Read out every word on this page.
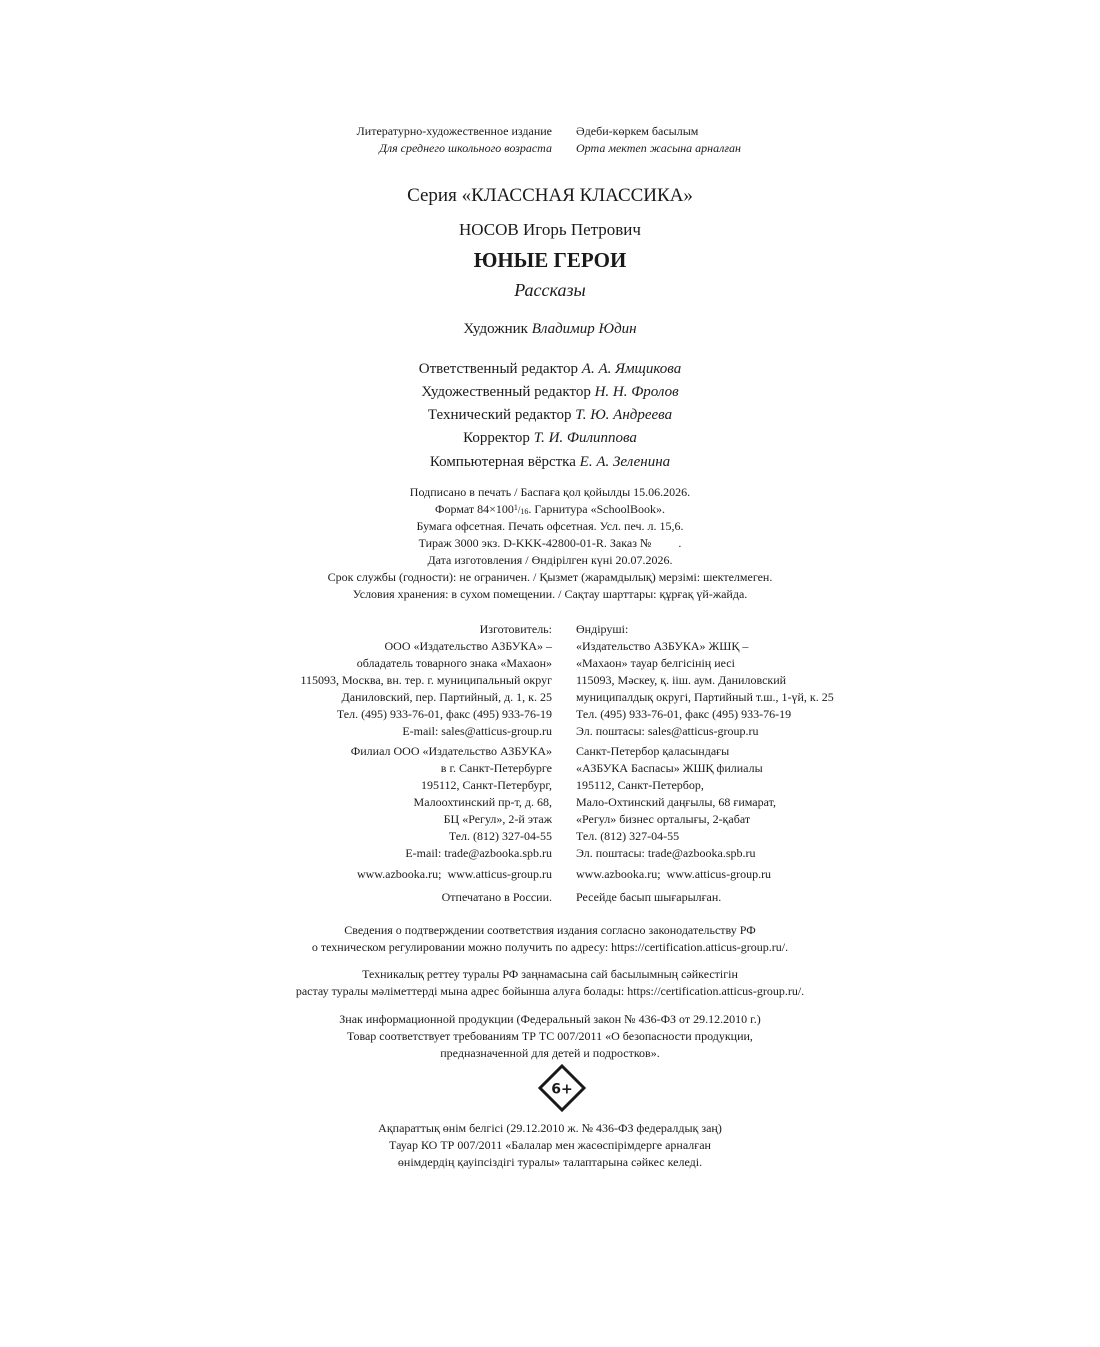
Литературно-художественное издание
Для среднего школьного возраста
Әдеби-көркем басылым
Орта мектеп жасына арналған
Серия «КЛАССНАЯ КЛАССИКА»
НОСОВ Игорь Петрович
ЮНЫЕ ГЕРОИ
Рассказы
Художник Владимир Юдин
Ответственный редактор А. А. Ямщикова
Художественный редактор Н. Н. Фролов
Технический редактор Т. Ю. Андреева
Корректор Т. И. Филиппова
Компьютерная вёрстка Е. А. Зеленина
Подписано в печать / Баспаға қол қойылды 15.06.2026.
Формат $84\times 100^1/16$. Гарнитура «SchoolBook».
Бумага офсетная. Печать офсетная. Усл. печ. л. 15,6.
Тираж 3000 экз. D-KKK-42800-01-R. Заказ №         .
Дата изготовления / Өндірілген күні 20.07.2026.
Срок службы (годности): не ограничен. / Қызмет (жарамдылық) мерзімі: шектелмеген.
Условия хранения: в сухом помещении. / Сақтау шарттары: құрғақ үй-жайда.
Изготовитель:
ООО «Издательство АЗБУКА» –
обладатель товарного знака «Махаон»
115093, Москва, вн. тер. г. муниципальный округ
Даниловский, пер. Партийный, д. 1, к. 25
Тел. (495) 933-76-01, факс (495) 933-76-19
E-mail: sales@atticus-group.ru
Өндіруші:
«Издательство АЗБУКА» ЖШҚ –
«Махаон» тауар белгісінің иесі
115093, Мәскеу, қ. ііш. аум. Даниловский
муниципалдық округі, Партийный т.ш., 1-үй, к. 25
Тел. (495) 933-76-01, факс (495) 933-76-19
Эл. поштасы: sales@atticus-group.ru
Филиал ООО «Издательство АЗБУКА»
в г. Санкт-Петербурге
195112, Санкт-Петербург,
Малоохтинский пр-т, д. 68,
БЦ «Регул», 2-й этаж
Тел. (812) 327-04-55
E-mail: trade@azbooka.spb.ru
Санкт-Петербор қаласындағы
«АЗБУКА Баспасы» ЖШҚ филиалы
195112, Санкт-Петербор,
Мало-Охтинский даңғылы, 68 ғимарат,
«Регул» бизнес орталығы, 2-қабат
Тел. (812) 327-04-55
Эл. поштасы: trade@azbooka.spb.ru
www.azbooka.ru;  www.atticus-group.ru www.azbooka.ru;  www.atticus-group.ru
Отпечатано в России. Ресейде басып шығарылған.
Сведения о подтверждении соответствия издания согласно законодательству РФ
о техническом регулировании можно получить по адресу: https://certification.atticus-group.ru/.
Техникалық реттеу туралы РФ заңнамасына сай басылымның сәйкестігін
растау туралы мәліметтерді мына адрес бойынша алуға болады: https://certification.atticus-group.ru/.
Знак информационной продукции (Федеральный закон № 436-ФЗ от 29.12.2010 г.)
Товар соответствует требованиям ТР ТС 007/2011 «О безопасности продукции,
предназначенной для детей и подростков».
6+
Ақпараттық өнім белгісі (29.12.2010 ж. № 436-ФЗ федералдық заң)
Тауар КО ТР 007/2011 «Балалар мен жасөспірімдерге арналған
өнімдердің қауіпсіздігі туралы» талаптарына сәйкес келеді.
